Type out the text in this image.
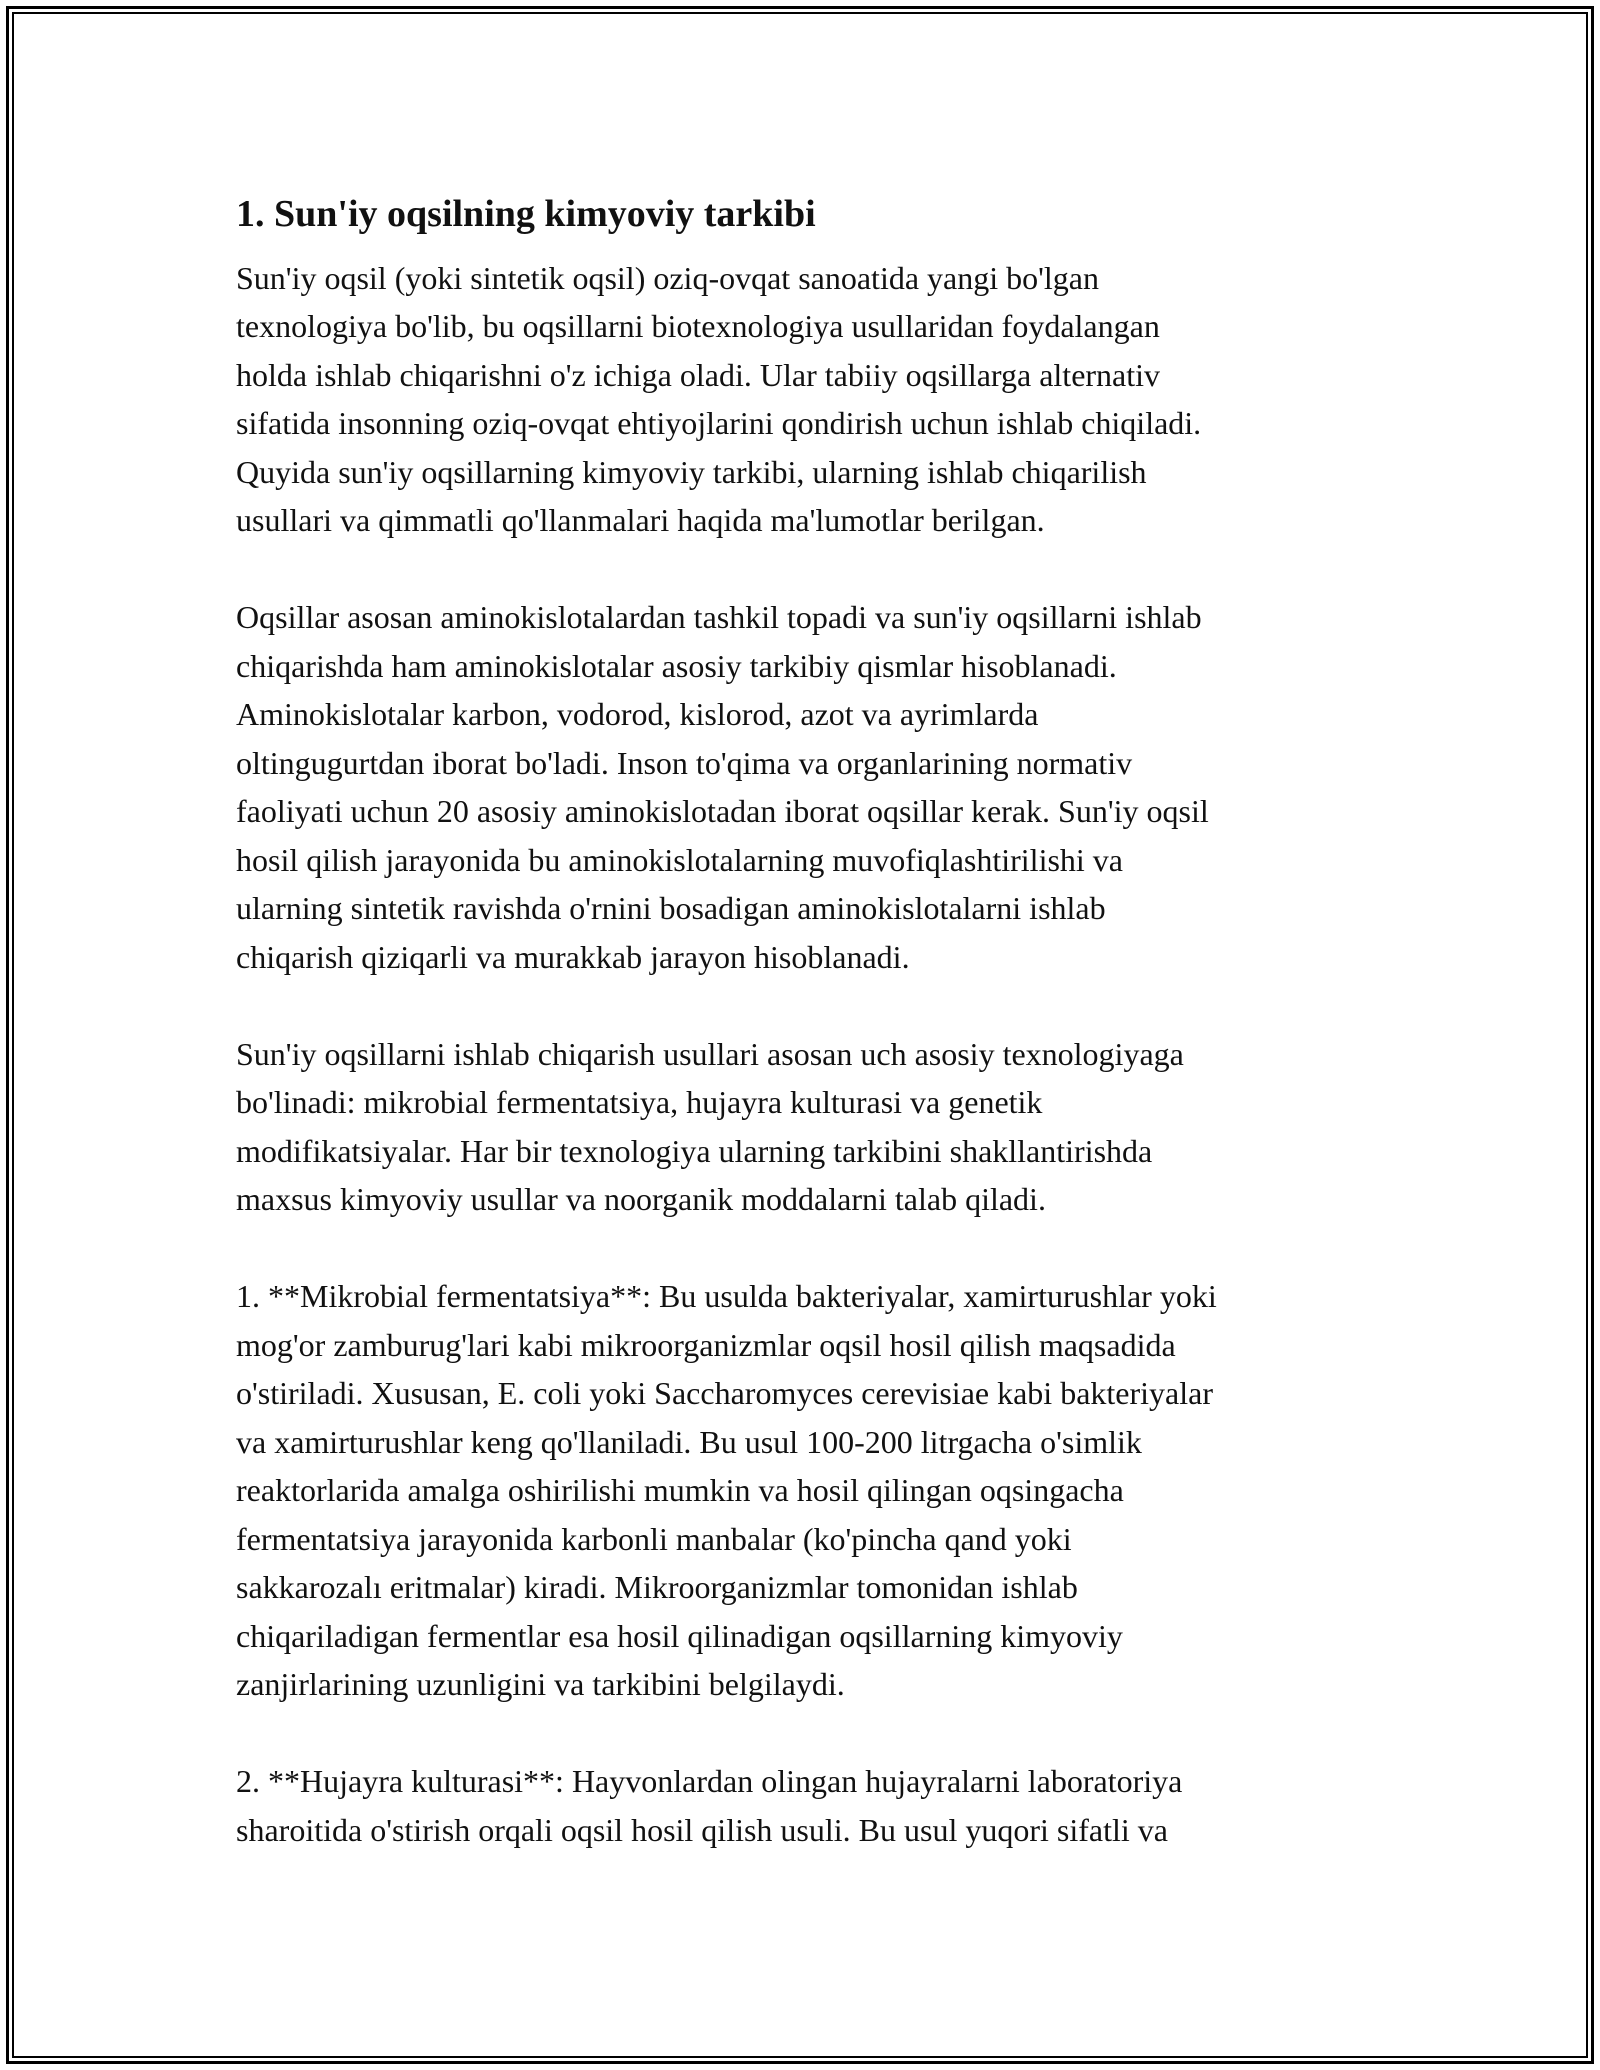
1. Sun'iy oqsilning kimyoviy tarkibi
Sun'iy oqsil (yoki sintetik oqsil) oziq-ovqat sanoatida yangi bo'lgan
texnologiya bo'lib, bu oqsillarni biotexnologiya usullaridan foydalangan
holda ishlab chiqarishni o'z ichiga oladi. Ular tabiiy oqsillarga alternativ
sifatida insonning oziq-ovqat ehtiyojlarini qondirish uchun ishlab chiqiladi.
Quyida sun'iy oqsillarning kimyoviy tarkibi, ularning ishlab chiqarilish
usullari va qimmatli qo'llanmalari haqida ma'lumotlar berilgan.
Oqsillar asosan aminokislotalardan tashkil topadi va sun'iy oqsillarni ishlab
chiqarishda ham aminokislotalar asosiy tarkibiy qismlar hisoblanadi.
Aminokislotalar karbon, vodorod, kislorod, azot va ayrimlarda
oltingugurtdan iborat bo'ladi. Inson to'qima va organlarining normativ
faoliyati uchun 20 asosiy aminokislotadan iborat oqsillar kerak. Sun'iy oqsil
hosil qilish jarayonida bu aminokislotalarning muvofiqlashtirilishi va
ularning sintetik ravishda o'rnini bosadigan aminokislotalarni ishlab
chiqarish qiziqarli va murakkab jarayon hisoblanadi.
Sun'iy oqsillarni ishlab chiqarish usullari asosan uch asosiy texnologiyaga
bo'linadi: mikrobial fermentatsiya, hujayra kulturasi va genetik
modifikatsiyalar. Har bir texnologiya ularning tarkibini shakllantirishda
maxsus kimyoviy usullar va noorganik moddalarni talab qiladi.
1. **Mikrobial fermentatsiya**: Bu usulda bakteriyalar, xamirturushlar yoki
mog'or zamburug'lari kabi mikroorganizmlar oqsil hosil qilish maqsadida
o'stiriladi. Xususan, E. coli yoki Saccharomyces cerevisiae kabi bakteriyalar
va xamirturushlar keng qo'llaniladi. Bu usul 100-200 litrgacha o'simlik
reaktorlarida amalga oshirilishi mumkin va hosil qilingan oqsingacha
fermentatsiya jarayonida karbonli manbalar (ko'pincha qand yoki
sakkarozalı eritmalar) kiradi. Mikroorganizmlar tomonidan ishlab
chiqariladigan fermentlar esa hosil qilinadigan oqsillarning kimyoviy
zanjirlarining uzunligini va tarkibini belgilaydi.
2. **Hujayra kulturasi**: Hayvonlardan olingan hujayralarni laboratoriya
sharoitida o'stirish orqali oqsil hosil qilish usuli. Bu usul yuqori sifatli va
